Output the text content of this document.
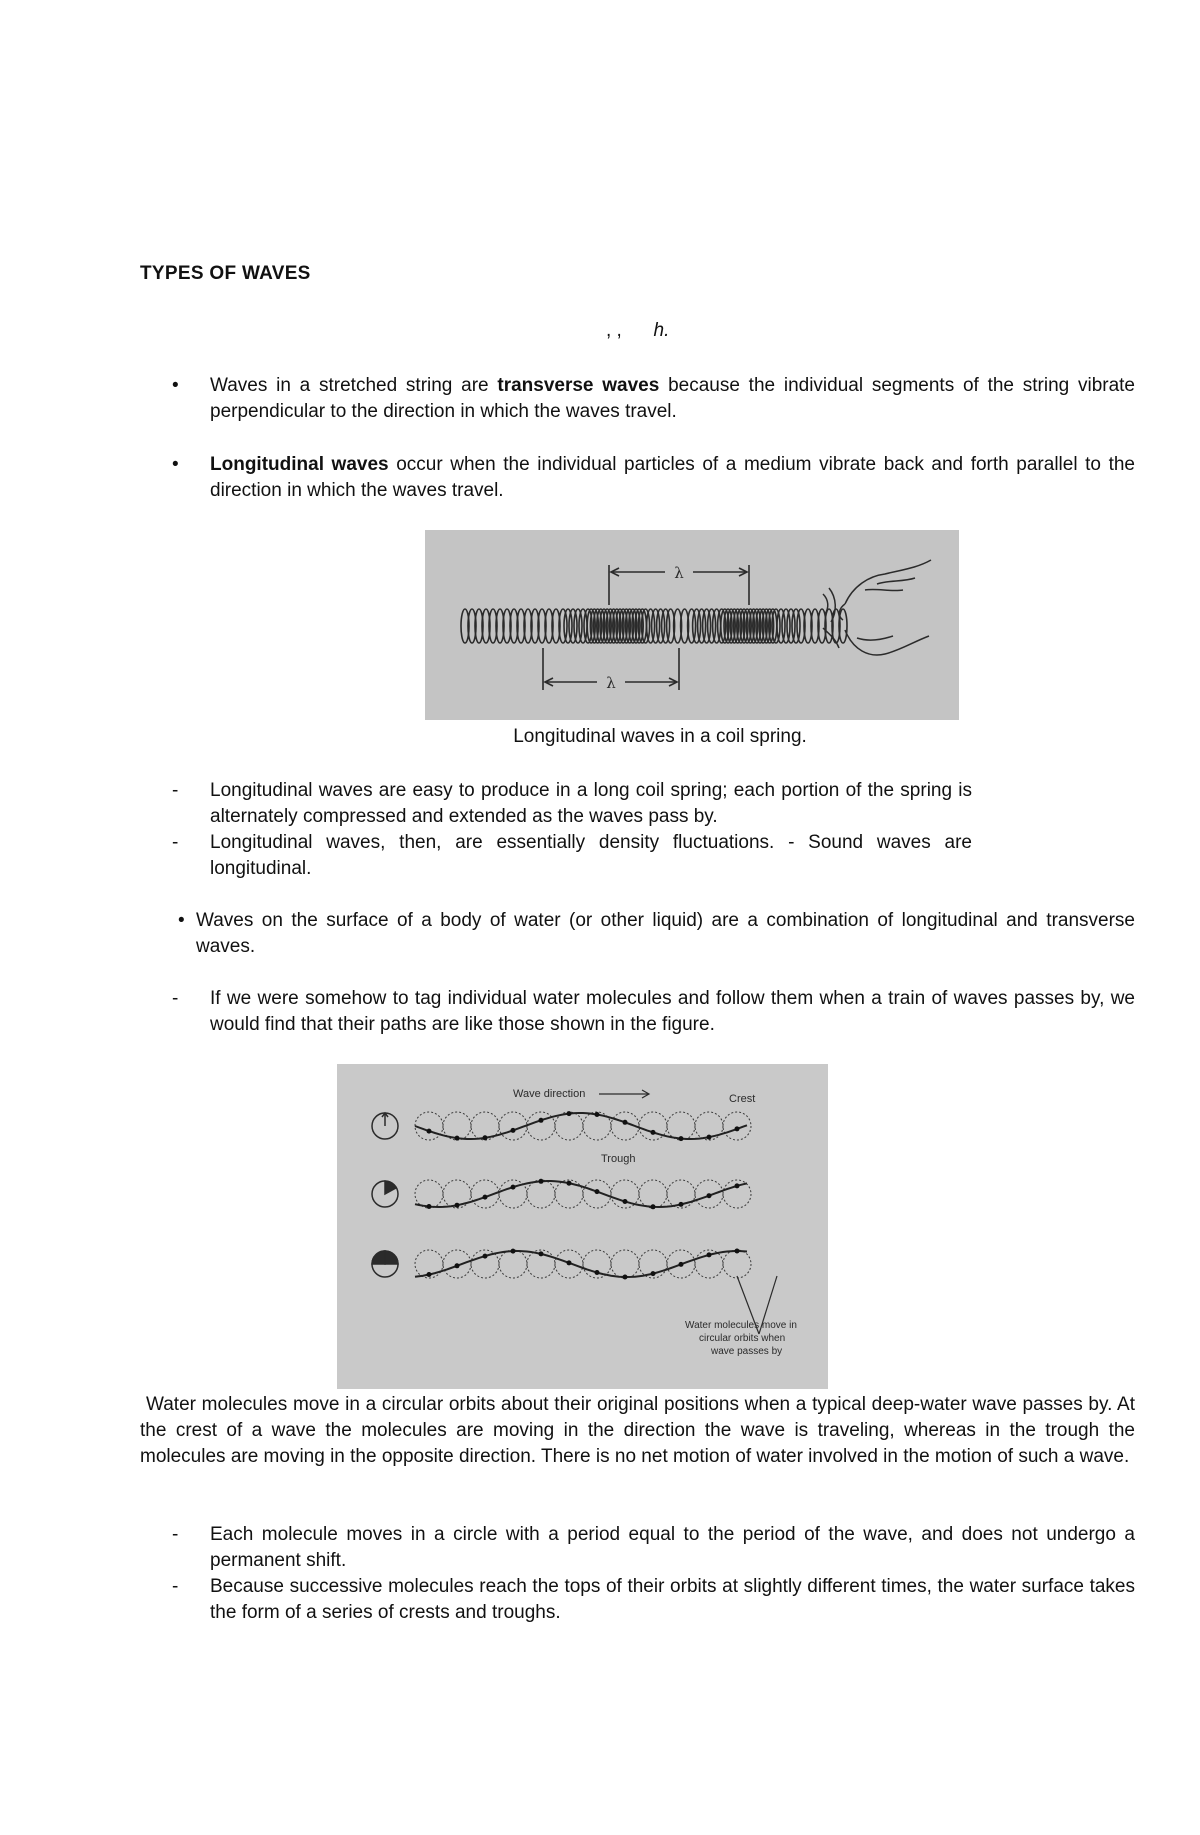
TYPES OF WAVES
, , h.
• Waves in a stretched string are transverse waves because the individual segments of the string vibrate perpendicular to the direction in which the waves travel.
• Longitudinal waves occur when the individual particles of a medium vibrate back and forth parallel to the direction in which the waves travel.
λ
λ
Longitudinal waves in a coil spring.
- Longitudinal waves are easy to produce in a long coil spring; each portion of the spring is alternately compressed and extended as the waves pass by.
- Longitudinal waves, then, are essentially density fluctuations. - Sound waves are longitudinal.
• Waves on the surface of a body of water (or other liquid) are a combination of longitudinal and transverse waves.
- If we were somehow to tag individual water molecules and follow them when a train of waves passes by, we would find that their paths are like those shown in the figure.
Wave direction	Crest
Trough
Water molecules move in
circular orbits when
wave passes by
Water molecules move in a circular orbits about their original positions when a typical deep-water wave passes by. At the crest of a wave the molecules are moving in the direction the wave is traveling, whereas in the trough the molecules are moving in the opposite direction. There is no net motion of water involved in the motion of such a wave.
- Each molecule moves in a circle with a period equal to the period of the wave, and does not undergo a permanent shift.
- Because successive molecules reach the tops of their orbits at slightly different times, the water surface takes the form of a series of crests and troughs.
